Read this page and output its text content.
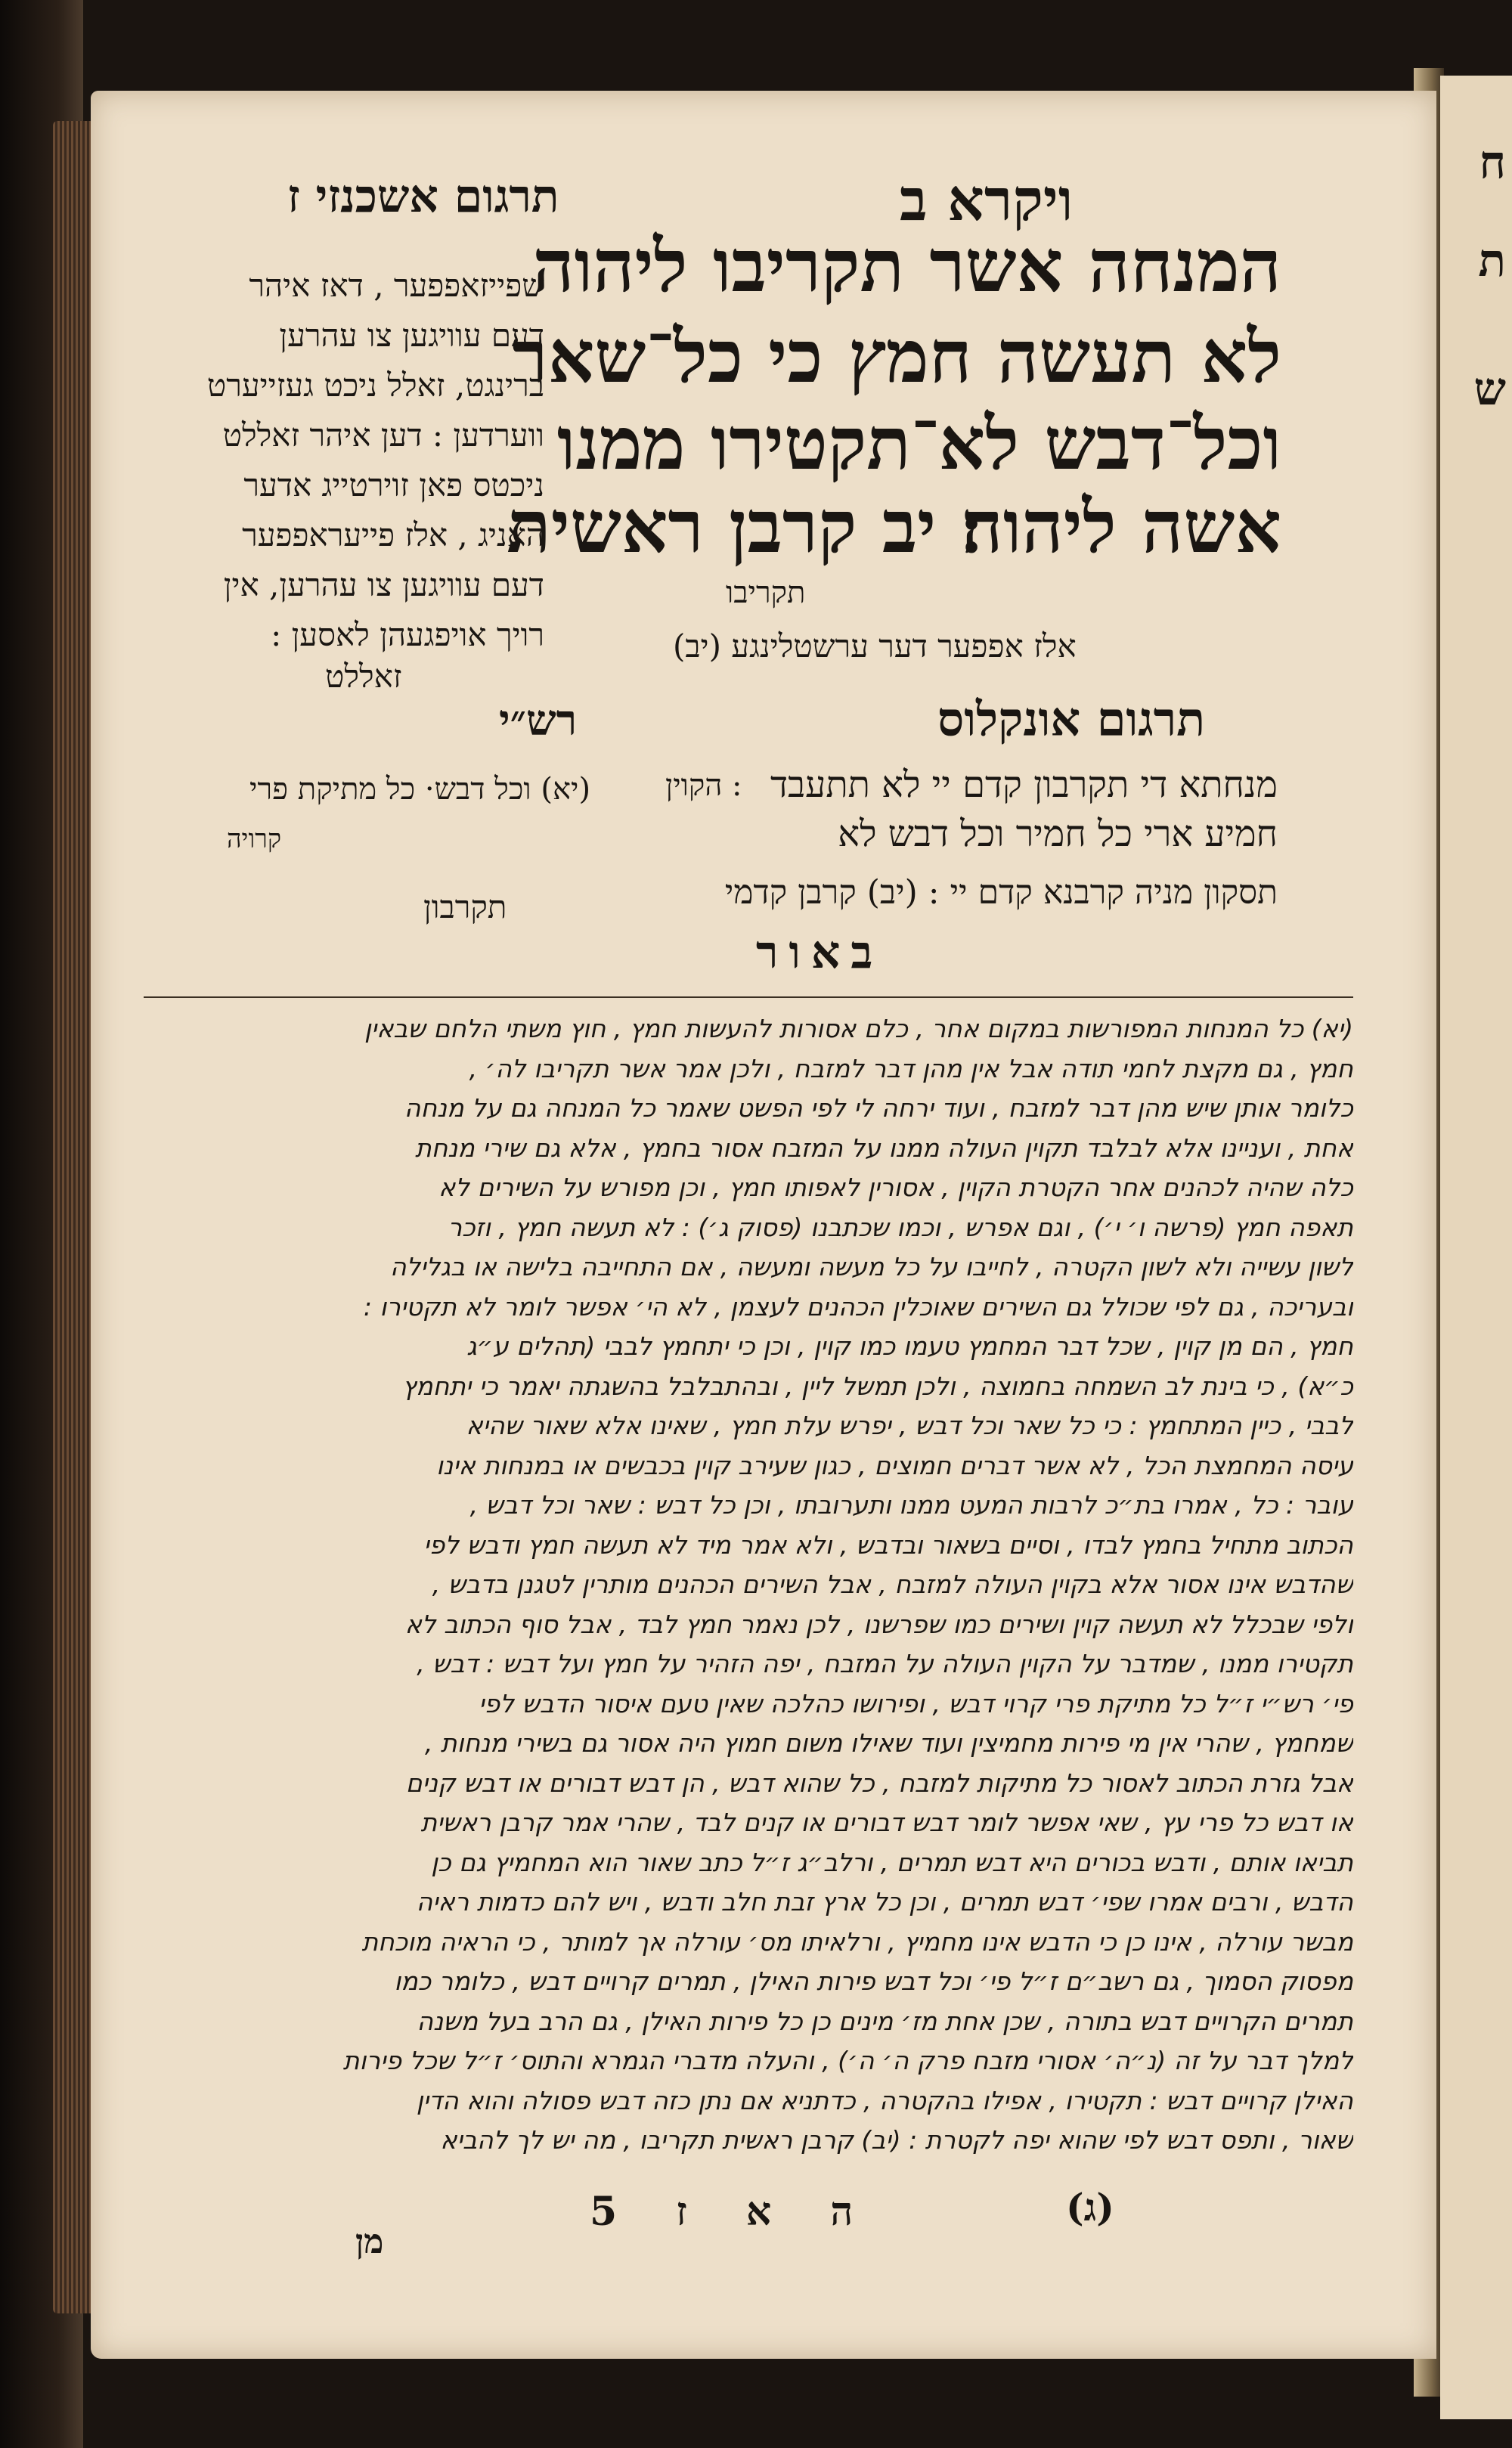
ח
ת
ש
תרגום אשכנזי ז	ויקרא ב
המנחה אשר תקריבו ליהוה
לא תעשה חמץ כי כל־שאר
וכל־דבש לא־תקטירו ממנו
אשה ליהוה׃ יב קרבן ראשית
תקריבו
(יב) אלז אפפער דער ערשטלינגע
שפייזאפפער , דאז איהר
דעם עוויגען צו עהרען
ברינגט, זאלל ניכט געזייערט
ווערדען : דען איהר זאללט
ניכטס פאן זוירטייג אדער
האניג , אלז פייעראפפער
דעם עוויגען צו עהרען, אין
רויך אויפגעהן לאסען :
זאללט
תרגום אונקלוס
רש״י
מנחתא די תקרבון קדם יי לא תתעבד
חמיע ארי כל חמיר וכל דבש לא
תסקון מניה קרבנא קדם יי : (יב) קרבן קדמי
הקוין :
(יא) וכל דבש· כל מתיקת פרי
קרויה
תקרבון
באור
(יא) כל המנחות המפורשות במקום אחר , כלם אסורות להעשות חמץ , חוץ משתי הלחם שבאין
חמץ , גם מקצת לחמי תודה אבל אין מהן דבר למזבח , ולכן אמר אשר תקריבו לה׳ ,
כלומר אותן שיש מהן דבר למזבח , ועוד ירחה לי לפי הפשט שאמר כל המנחה גם על מנחה
אחת , ועניינו אלא לבלבד תקוין העולה ממנו על המזבח אסור בחמץ , אלא גם שירי מנחת
כלה שהיה לכהנים אחר הקטרת הקוין , אסורין לאפותו חמץ , וכן מפורש על השירים לא
תאפה חמץ (פרשה ו׳ י׳) , וגם אפרש , וכמו שכתבנו (פסוק ג׳) : לא תעשה חמץ , וזכר
לשון עשייה ולא לשון הקטרה , לחייבו על כל מעשה ומעשה , אם התחייבה בלישה או בגלילה
ובעריכה , גם לפי שכולל גם השירים שאוכלין הכהנים לעצמן , לא הי׳ אפשר לומר לא תקטירו :
חמץ , הם מן קוין , שכל דבר המחמץ טעמו כמו קוין , וכן כי יתחמץ לבבי (תהלים ע״ג
כ״א) , כי בינת לב השמחה בחמוצה , ולכן תמשל ליין , ובהתבלבל בהשגתה יאמר כי יתחמץ
לבבי , כיין המתחמץ : כי כל שאר וכל דבש , יפרש עלת חמץ , שאינו אלא שאור שהיא
עיסה המחמצת הכל , לא אשר דברים חמוצים , כגון שעירב קוין בכבשים או במנחות אינו
עובר : כל , אמרו בת״כ לרבות המעט ממנו ותערובתו , וכן כל דבש : שאר וכל דבש ,
הכתוב מתחיל בחמץ לבדו , וסיים בשאור ובדבש , ולא אמר מיד לא תעשה חמץ ודבש לפי
שהדבש אינו אסור אלא בקוין העולה למזבח , אבל השירים הכהנים מותרין לטגנן בדבש ,
ולפי שבכלל לא תעשה קוין ושירים כמו שפרשנו , לכן נאמר חמץ לבד , אבל סוף הכתוב לא
תקטירו ממנו , שמדבר על הקוין העולה על המזבח , יפה הזהיר על חמץ ועל דבש : דבש ,
פי׳ רש״י ז״ל כל מתיקת פרי קרוי דבש , ופירושו כהלכה שאין טעם איסור הדבש לפי
שמחמץ , שהרי אין מי פירות מחמיצין ועוד שאילו משום חמוץ היה אסור גם בשירי מנחות ,
אבל גזרת הכתוב לאסור כל מתיקות למזבח , כל שהוא דבש , הן דבש דבורים או דבש קנים
או דבש כל פרי עץ , שאי אפשר לומר דבש דבורים או קנים לבד , שהרי אמר קרבן ראשית
תביאו אותם , ודבש בכורים היא דבש תמרים , ורלב״ג ז״ל כתב שאור הוא המחמיץ גם כן
הדבש , ורבים אמרו שפי׳ דבש תמרים , וכן כל ארץ זבת חלב ודבש , ויש להם כדמות ראיה
מבשר עורלה , אינו כן כי הדבש אינו מחמיץ , ורלאיתו מס׳ עורלה אך למותר , כי הראיה מוכחת
מפסוק הסמוך , גם רשב״ם ז״ל פי׳ וכל דבש פירות האילן , תמרים קרויים דבש , כלומר כמו
תמרים הקרויים דבש בתורה , שכן אחת מז׳ מינים כן כל פירות האילן , גם הרב בעל משנה
למלך דבר על זה (נ״ה׳ אסורי מזבח פרק ה׳ ה׳) , והעלה מדברי הגמרא והתוס׳ ז״ל שכל פירות
האילן קרויים דבש : תקטירו , אפילו בהקטרה , כדתניא אם נתן כזה דבש פסולה והוא הדין
שאור , ותפס דבש לפי שהוא יפה לקטרת : (יב) קרבן ראשית תקריבו , מה יש לך להביא
ה א ז 5	(ג)
מן
